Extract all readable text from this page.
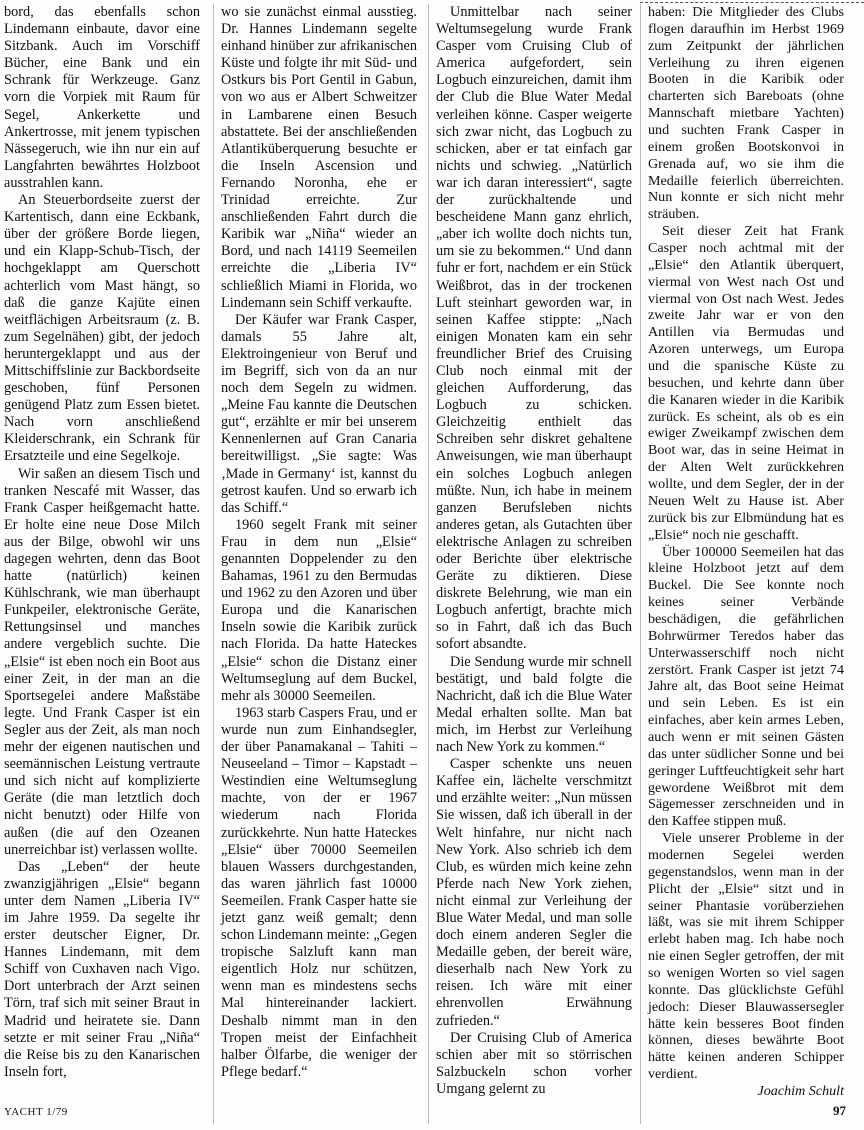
bord, das ebenfalls schon Lindemann einbaute, davor eine Sitzbank. Auch im Vorschiff Bücher, eine Bank und ein Schrank für Werkzeuge. Ganz vorn die Vorpiek mit Raum für Segel, Ankerkette und Ankertrosse, mit jenem typischen Nässegeruch, wie ihn nur ein auf Langfahrten bewährtes Holzboot ausstrahlen kann.

An Steuerbordseite zuerst der Kartentisch, dann eine Eckbank, über der größere Borde liegen, und ein Klapp-Schub-Tisch, der hochgeklappt am Querschott achterlich vom Mast hängt, so daß die ganze Kajüte einen weitflächigen Arbeitsraum (z. B. zum Segelnähen) gibt, der jedoch heruntergeklappt und aus der Mittschiffslinie zur Backbordseite geschoben, fünf Personen genügend Platz zum Essen bietet. Nach vorn anschließend Kleiderschrank, ein Schrank für Ersatzteile und eine Segelkoje.

Wir saßen an diesem Tisch und tranken Nescafé mit Wasser, das Frank Casper heißgemacht hatte. Er holte eine neue Dose Milch aus der Bilge, obwohl wir uns dagegen wehrten, denn das Boot hatte (natürlich) keinen Kühlschrank, wie man überhaupt Funkpeiler, elektronische Geräte, Rettungsinsel und manches andere vergeblich suchte. Die „Elsie“ ist eben noch ein Boot aus einer Zeit, in der man an die Sportsegelei andere Maßstäbe legte. Und Frank Casper ist ein Segler aus der Zeit, als man noch mehr der eigenen nautischen und seemännischen Leistung vertraute und sich nicht auf komplizierte Geräte (die man letztlich doch nicht benutzt) oder Hilfe von außen (die auf den Ozeanen unerreichbar ist) verlassen wollte.

Das „Leben“ der heute zwanzigjährigen „Elsie“ begann unter dem Namen „Liberia IV“ im Jahre 1959. Da segelte ihr erster deutscher Eigner, Dr. Hannes Lindemann, mit dem Schiff von Cuxhaven nach Vigo. Dort unterbrach der Arzt seinen Törn, traf sich mit seiner Braut in Madrid und heiratete sie. Dann setzte er mit seiner Frau „Niña“ die Reise bis zu den Kanarischen Inseln fort,

wo sie zunächst einmal ausstieg. Dr. Hannes Lindemann segelte einhand hinüber zur afrikanischen Küste und folgte ihr mit Süd- und Ostkurs bis Port Gentil in Gabun, von wo aus er Albert Schweitzer in Lambarene einen Besuch abstattete. Bei der anschließenden Atlantiküberquerung besuchte er die Inseln Ascension und Fernando Noronha, ehe er Trinidad erreichte. Zur anschließenden Fahrt durch die Karibik war „Niña“ wieder an Bord, und nach 14119 Seemeilen erreichte die „Liberia IV“ schließlich Miami in Florida, wo Lindemann sein Schiff verkaufte.

Der Käufer war Frank Casper, damals 55 Jahre alt, Elektroingenieur von Beruf und im Begriff, sich von da an nur noch dem Segeln zu widmen. „Meine Fau kannte die Deutschen gut“, erzählte er mir bei unserem Kennenlernen auf Gran Canaria bereitwilligst. „Sie sagte: Was ‚Made in Germany‘ ist, kannst du getrost kaufen. Und so erwarb ich das Schiff.“

1960 segelt Frank mit seiner Frau in dem nun „Elsie“ genannten Doppelender zu den Bahamas, 1961 zu den Bermudas und 1962 zu den Azoren und über Europa und die Kanarischen Inseln sowie die Karibik zurück nach Florida. Da hatte Hateckes „Elsie“ schon die Distanz einer Weltumseglung auf dem Buckel, mehr als 30000 Seemeilen.

1963 starb Caspers Frau, und er wurde nun zum Einhandsegler, der über Panamakanal – Tahiti – Neuseeland – Timor – Kapstadt – Westindien eine Weltumseglung machte, von der er 1967 wiederum nach Florida zurückkehrte. Nun hatte Hateckes „Elsie“ über 70000 Seemeilen blauen Wassers durchgestanden, das waren jährlich fast 10000 Seemeilen. Frank Casper hatte sie jetzt ganz weiß gemalt; denn schon Lindemann meinte: „Gegen tropische Salzluft kann man eigentlich Holz nur schützen, wenn man es mindestens sechs Mal hintereinander lackiert. Deshalb nimmt man in den Tropen meist der Einfachheit halber Ölfarbe, die weniger der Pflege bedarf.“

Unmittelbar nach seiner Weltumsegelung wurde Frank Casper vom Cruising Club of America aufgefordert, sein Logbuch einzureichen, damit ihm der Club die Blue Water Medal verleihen könne. Casper weigerte sich zwar nicht, das Logbuch zu schicken, aber er tat einfach gar nichts und schwieg. „Natürlich war ich daran interessiert“, sagte der zurückhaltende und bescheidene Mann ganz ehrlich, „aber ich wollte doch nichts tun, um sie zu bekommen.“ Und dann fuhr er fort, nachdem er ein Stück Weißbrot, das in der trockenen Luft steinhart geworden war, in seinen Kaffee stippte: „Nach einigen Monaten kam ein sehr freundlicher Brief des Cruising Club noch einmal mit der gleichen Aufforderung, das Logbuch zu schicken. Gleichzeitig enthielt das Schreiben sehr diskret gehaltene Anweisungen, wie man überhaupt ein solches Logbuch anlegen müßte. Nun, ich habe in meinem ganzen Berufsleben nichts anderes getan, als Gutachten über elektrische Anlagen zu schreiben oder Berichte über elektrische Geräte zu diktieren. Diese diskrete Belehrung, wie man ein Logbuch anfertigt, brachte mich so in Fahrt, daß ich das Buch sofort absandte.

Die Sendung wurde mir schnell bestätigt, und bald folgte die Nachricht, daß ich die Blue Water Medal erhalten sollte. Man bat mich, im Herbst zur Verleihung nach New York zu kommen.“

Casper schenkte uns neuen Kaffee ein, lächelte verschmitzt und erzählte weiter: „Nun müssen Sie wissen, daß ich überall in der Welt hinfahre, nur nicht nach New York. Also schrieb ich dem Club, es würden mich keine zehn Pferde nach New York ziehen, nicht einmal zur Verleihung der Blue Water Medal, und man solle doch einem anderen Segler die Medaille geben, der bereit wäre, dieserhalb nach New York zu reisen. Ich wäre mit einer ehrenvollen Erwähnung zufrieden.“

Der Cruising Club of America schien aber mit so störrischen Salzbuckeln schon vorher Umgang gelernt zu

haben: Die Mitglieder des Clubs flogen daraufhin im Herbst 1969 zum Zeitpunkt der jährlichen Verleihung zu ihren eigenen Booten in die Karibik oder charterten sich Bareboats (ohne Mannschaft mietbare Yachten) und suchten Frank Casper in einem großen Bootskonvoi in Grenada auf, wo sie ihm die Medaille feierlich überreichten. Nun konnte er sich nicht mehr sträuben.

Seit dieser Zeit hat Frank Casper noch achtmal mit der „Elsie“ den Atlantik überquert, viermal von West nach Ost und viermal von Ost nach West. Jedes zweite Jahr war er von den Antillen via Bermudas und Azoren unterwegs, um Europa und die spanische Küste zu besuchen, und kehrte dann über die Kanaren wieder in die Karibik zurück. Es scheint, als ob es ein ewiger Zweikampf zwischen dem Boot war, das in seine Heimat in der Alten Welt zurückkehren wollte, und dem Segler, der in der Neuen Welt zu Hause ist. Aber zurück bis zur Elbmündung hat es „Elsie“ noch nie geschafft.

Über 100000 Seemeilen hat das kleine Holzboot jetzt auf dem Buckel. Die See konnte noch keines seiner Verbände beschädigen, die gefährlichen Bohrwürmer Teredos haber das Unterwasserschiff noch nicht zerstört. Frank Casper ist jetzt 74 Jahre alt, das Boot seine Heimat und sein Leben. Es ist ein einfaches, aber kein armes Leben, auch wenn er mit seinen Gästen das unter südlicher Sonne und bei geringer Luftfeuchtigkeit sehr hart gewordene Weißbrot mit dem Sägemesser zerschneiden und in den Kaffee stippen muß.

Viele unserer Probleme in der modernen Segelei werden gegenstandslos, wenn man in der Plicht der „Elsie“ sitzt und in seiner Phantasie vorüberziehen läßt, was sie mit ihrem Schipper erlebt haben mag. Ich habe noch nie einen Segler getroffen, der mit so wenigen Worten so viel sagen konnte. Das glücklichste Gefühl jedoch: Dieser Blauwassersegler hätte kein besseres Boot finden können, dieses bewährte Boot hätte keinen anderen Schipper verdient.

Joachim Schult

YACHT 1/79	97
